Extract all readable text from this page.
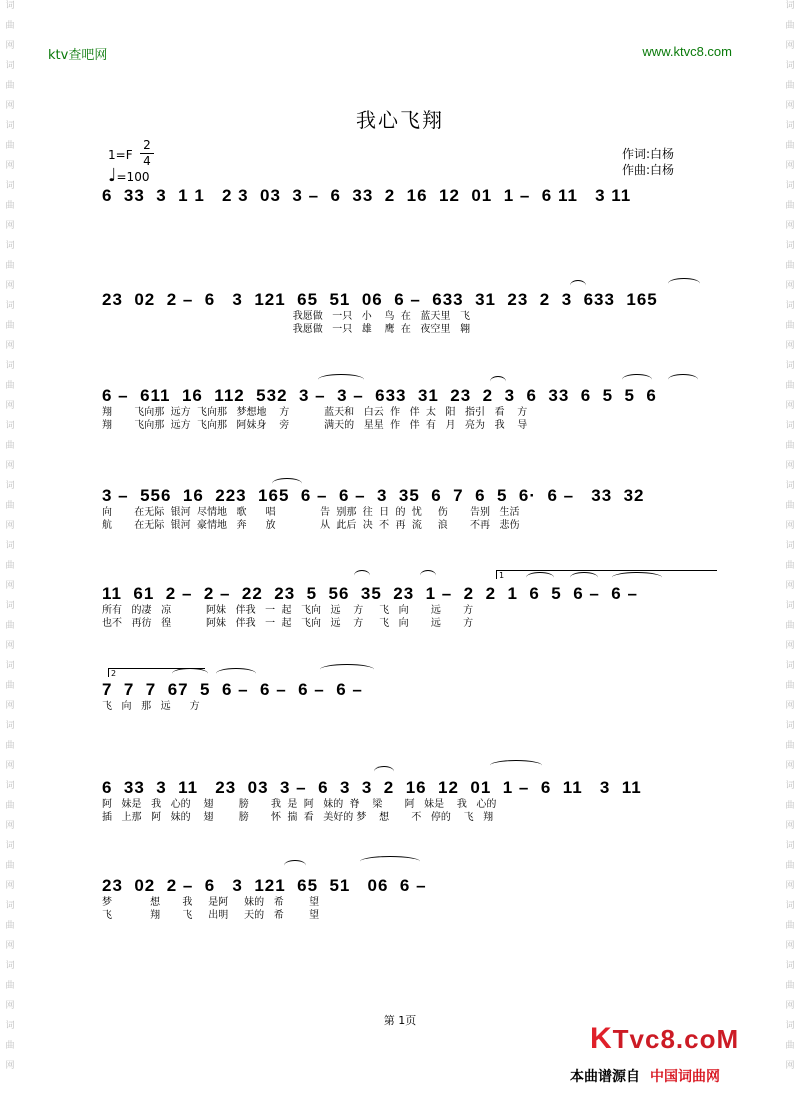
词
曲
网
词
曲
网
词
曲
网
词
曲
网
词
曲
网
词
曲
网
词
曲
网
词
曲
网
词
曲
网
词
曲
网
词
曲
网
词
曲
网
词
曲
网
词
曲
网
词
曲
网
词
曲
网
词
曲
网
词
曲
网
词
曲
网
词
曲
网
词
曲
网
词
曲
网
词
曲
网
词
曲
网
词
曲
网
词
曲
网
词
曲
网
词
曲
网
词
曲
网
词
曲
网
词
曲
网
词
曲
网
词
曲
网
词
曲
网
词
曲
网
词
曲
网
ktv查吧网	www.ktvc8.com
我心飞翔
1=F
2
4
♩=100
作词:白杨
作曲:白杨
6  33  3  1 1   2 3  03  3 –  6  33  2  16  12  01  1 –  6 11   3 11
23  02  2 –  6   3  121  65  51  06  6 –  633  31  23  2  3  633  165
我愿做   一只   小    鸟  在   蓝天里   飞
我愿做   一只   雄    鹰  在   夜空里   翱
6 –  611  16  112  532  3 –  3 –  633  31  23  2  3  6  33  6  5  5  6
翔       飞向那  远方  飞向那   梦想地    方           蓝天和   白云  作   伴  太   阳   指引   看    方
翔       飞向那  远方  飞向那   阿妹身    旁           满天的   星星  作   伴  有   月   亮为   我    导
3 –  556  16  223  165  6 –  6 –  3  35  6  7  6  5  6·  6 –   33  32
向       在无际  银河  尽情地   歌      唱              告  别那  往  日  的  忧     伤       告别   生活
航       在无际  银河  豪情地   奔      放              从  此后  决  不  再  流     浪       不再   悲伤
11  61  2 –  2 –  22  23  5  56  35  23  1 –  2  2  1  6  5  6 –  6 –
所有   的凄   凉           阿妹   伴我   一  起   飞向   远    方     飞   向       远       方
也不   再彷   徨           阿妹   伴我   一  起   飞向   远    方     飞   向       远       方
7  7  7  67  5  6 –  6 –  6 –  6 –
飞   向   那   远      方
6  33  3  11   23  03  3 –  6  3  3  2  16  12  01  1 –  6  11   3  11
阿   妹是   我   心的    翅        膀       我  是  阿   妹的  脊    梁       阿   妹是    我   心的
插   上那   阿   妹的    翅        膀       怀  揣  看   美好的 梦    想       不   停的    飞   翔
23  02  2 –  6   3  121  65  51   06  6 –
梦            想       我     是阿     妹的   希        望
飞            翔       飞     出明     天的   希        望
1
2
第 1页
KTvc8.coM
本曲谱源自 中国词曲网
